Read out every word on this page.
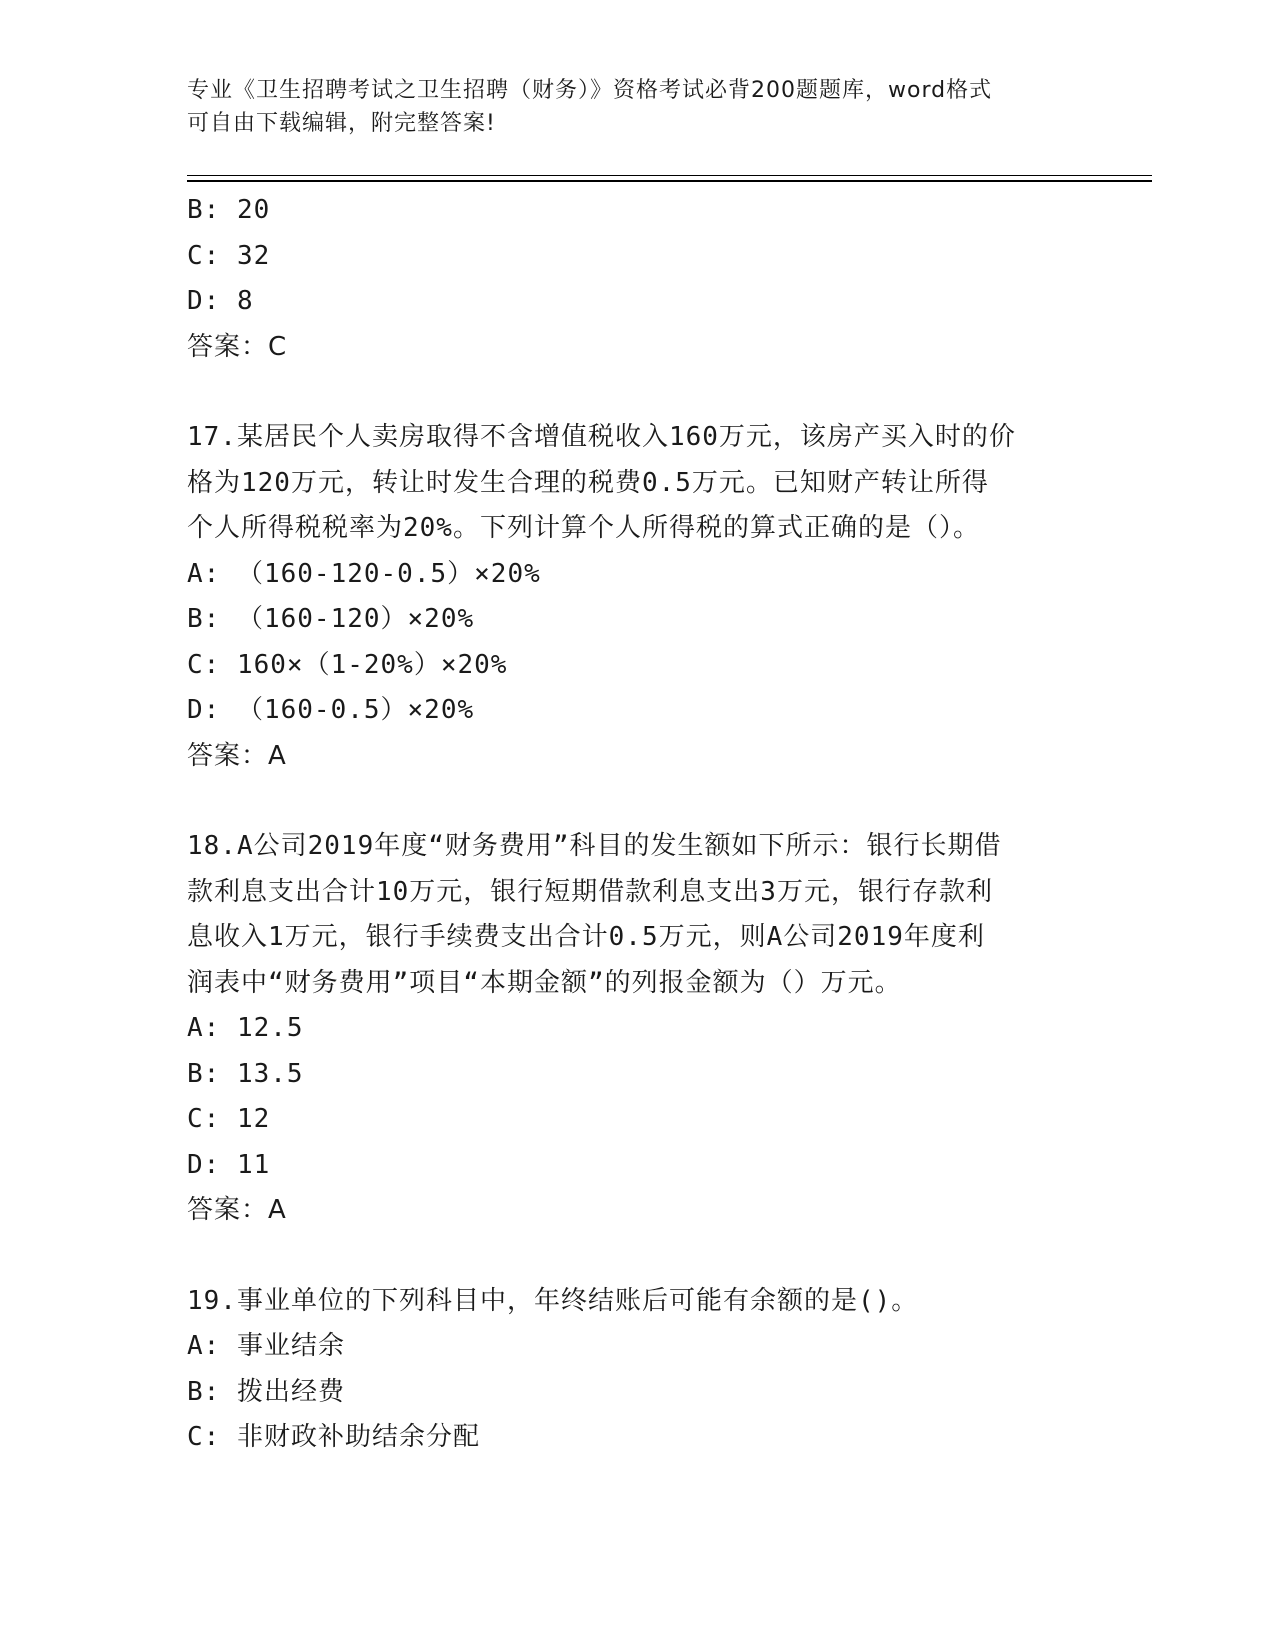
专业《卫生招聘考试之卫生招聘（财务）》资格考试必背200题题库，word格式
可自由下载编辑，附完整答案!
B: 20
C: 32
D: 8
答案：C
17.某居民个人卖房取得不含增值税收入160万元，该房产买入时的价
格为120万元，转让时发生合理的税费0.5万元。已知财产转让所得
个人所得税税率为20%。下列计算个人所得税的算式正确的是（）。
A: （160-120-0.5）×20%
B: （160-120）×20%
C: 160×（1-20%）×20%
D: （160-0.5）×20%
答案：A
18.A公司2019年度“财务费用”科目的发生额如下所示：银行长期借
款利息支出合计10万元，银行短期借款利息支出3万元，银行存款利
息收入1万元，银行手续费支出合计0.5万元，则A公司2019年度利
润表中“财务费用”项目“本期金额”的列报金额为（）万元。
A: 12.5
B: 13.5
C: 12
D: 11
答案：A
19.事业单位的下列科目中，年终结账后可能有余额的是()。
A: 事业结余
B: 拨出经费
C: 非财政补助结余分配
